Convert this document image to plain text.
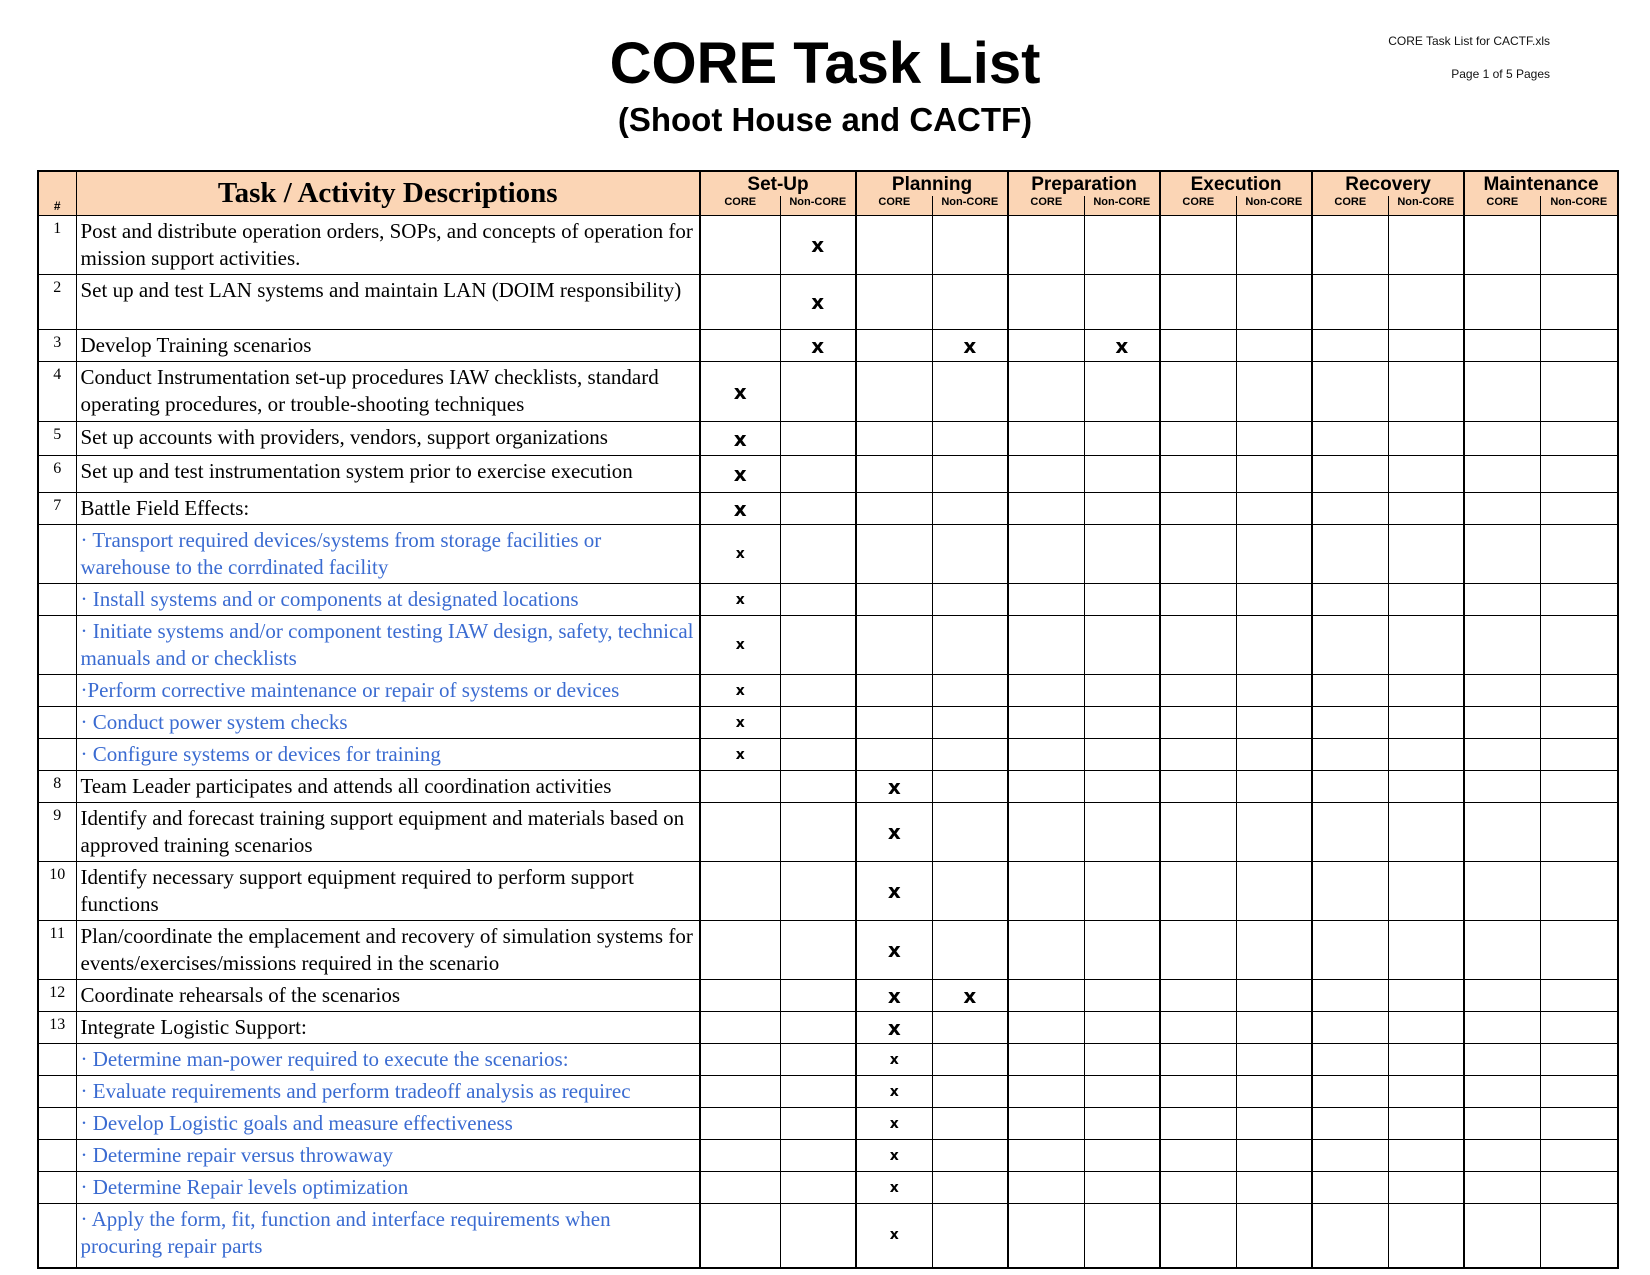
CORE Task List for CACTF.xls
Page 1 of 5 Pages
CORE Task List
(Shoot House and CACTF)
#	Task / Activity Descriptions	Set-Up		Planning		Preparation		Execution		Recovery		Maintenance	
		CORE	Non-CORE	CORE	Non-CORE	CORE	Non-CORE	CORE	Non-CORE	CORE	Non-CORE	CORE	Non-CORE
1	Post and distribute operation orders, SOPs, and concepts of operation for mission support activities.		x										
2	Set up and test LAN systems and maintain LAN (DOIM responsibility)		x										
3	Develop Training scenarios		x		x		x						
4	Conduct Instrumentation set-up procedures IAW checklists, standard operating procedures, or trouble-shooting techniques	x											
5	Set up accounts with providers, vendors, support organizations	x											
6	Set up and test instrumentation system prior to exercise execution	x											
7	Battle Field Effects:	x											
	· Transport required devices/systems from storage facilities or warehouse to the corrdinated facility	x											
	· Install systems and or components at designated locations	x											
	· Initiate systems and/or component testing IAW design, safety, technical manuals and or checklists	x											
	·Perform corrective maintenance or repair of systems or devices	x											
	· Conduct power system checks	x											
	· Configure systems or devices for training	x											
8	Team Leader participates and attends all coordination activities			x									
9	Identify and forecast training support equipment and materials based on approved training scenarios			x									
10	Identify necessary support equipment required to perform support functions			x									
11	Plan/coordinate the emplacement and recovery of simulation systems for events/exercises/missions required in the scenario			x									
12	Coordinate rehearsals of the scenarios			x	x								
13	Integrate Logistic Support:			x									
	· Determine man-power required to execute the scenarios:			x									
	· Evaluate requirements and perform tradeoff analysis as requirec			x									
	· Develop Logistic goals and measure effectiveness			x									
	· Determine repair versus throwaway			x									
	· Determine Repair levels optimization			x									
	· Apply the form, fit, function and interface requirements when procuring repair parts			x									
